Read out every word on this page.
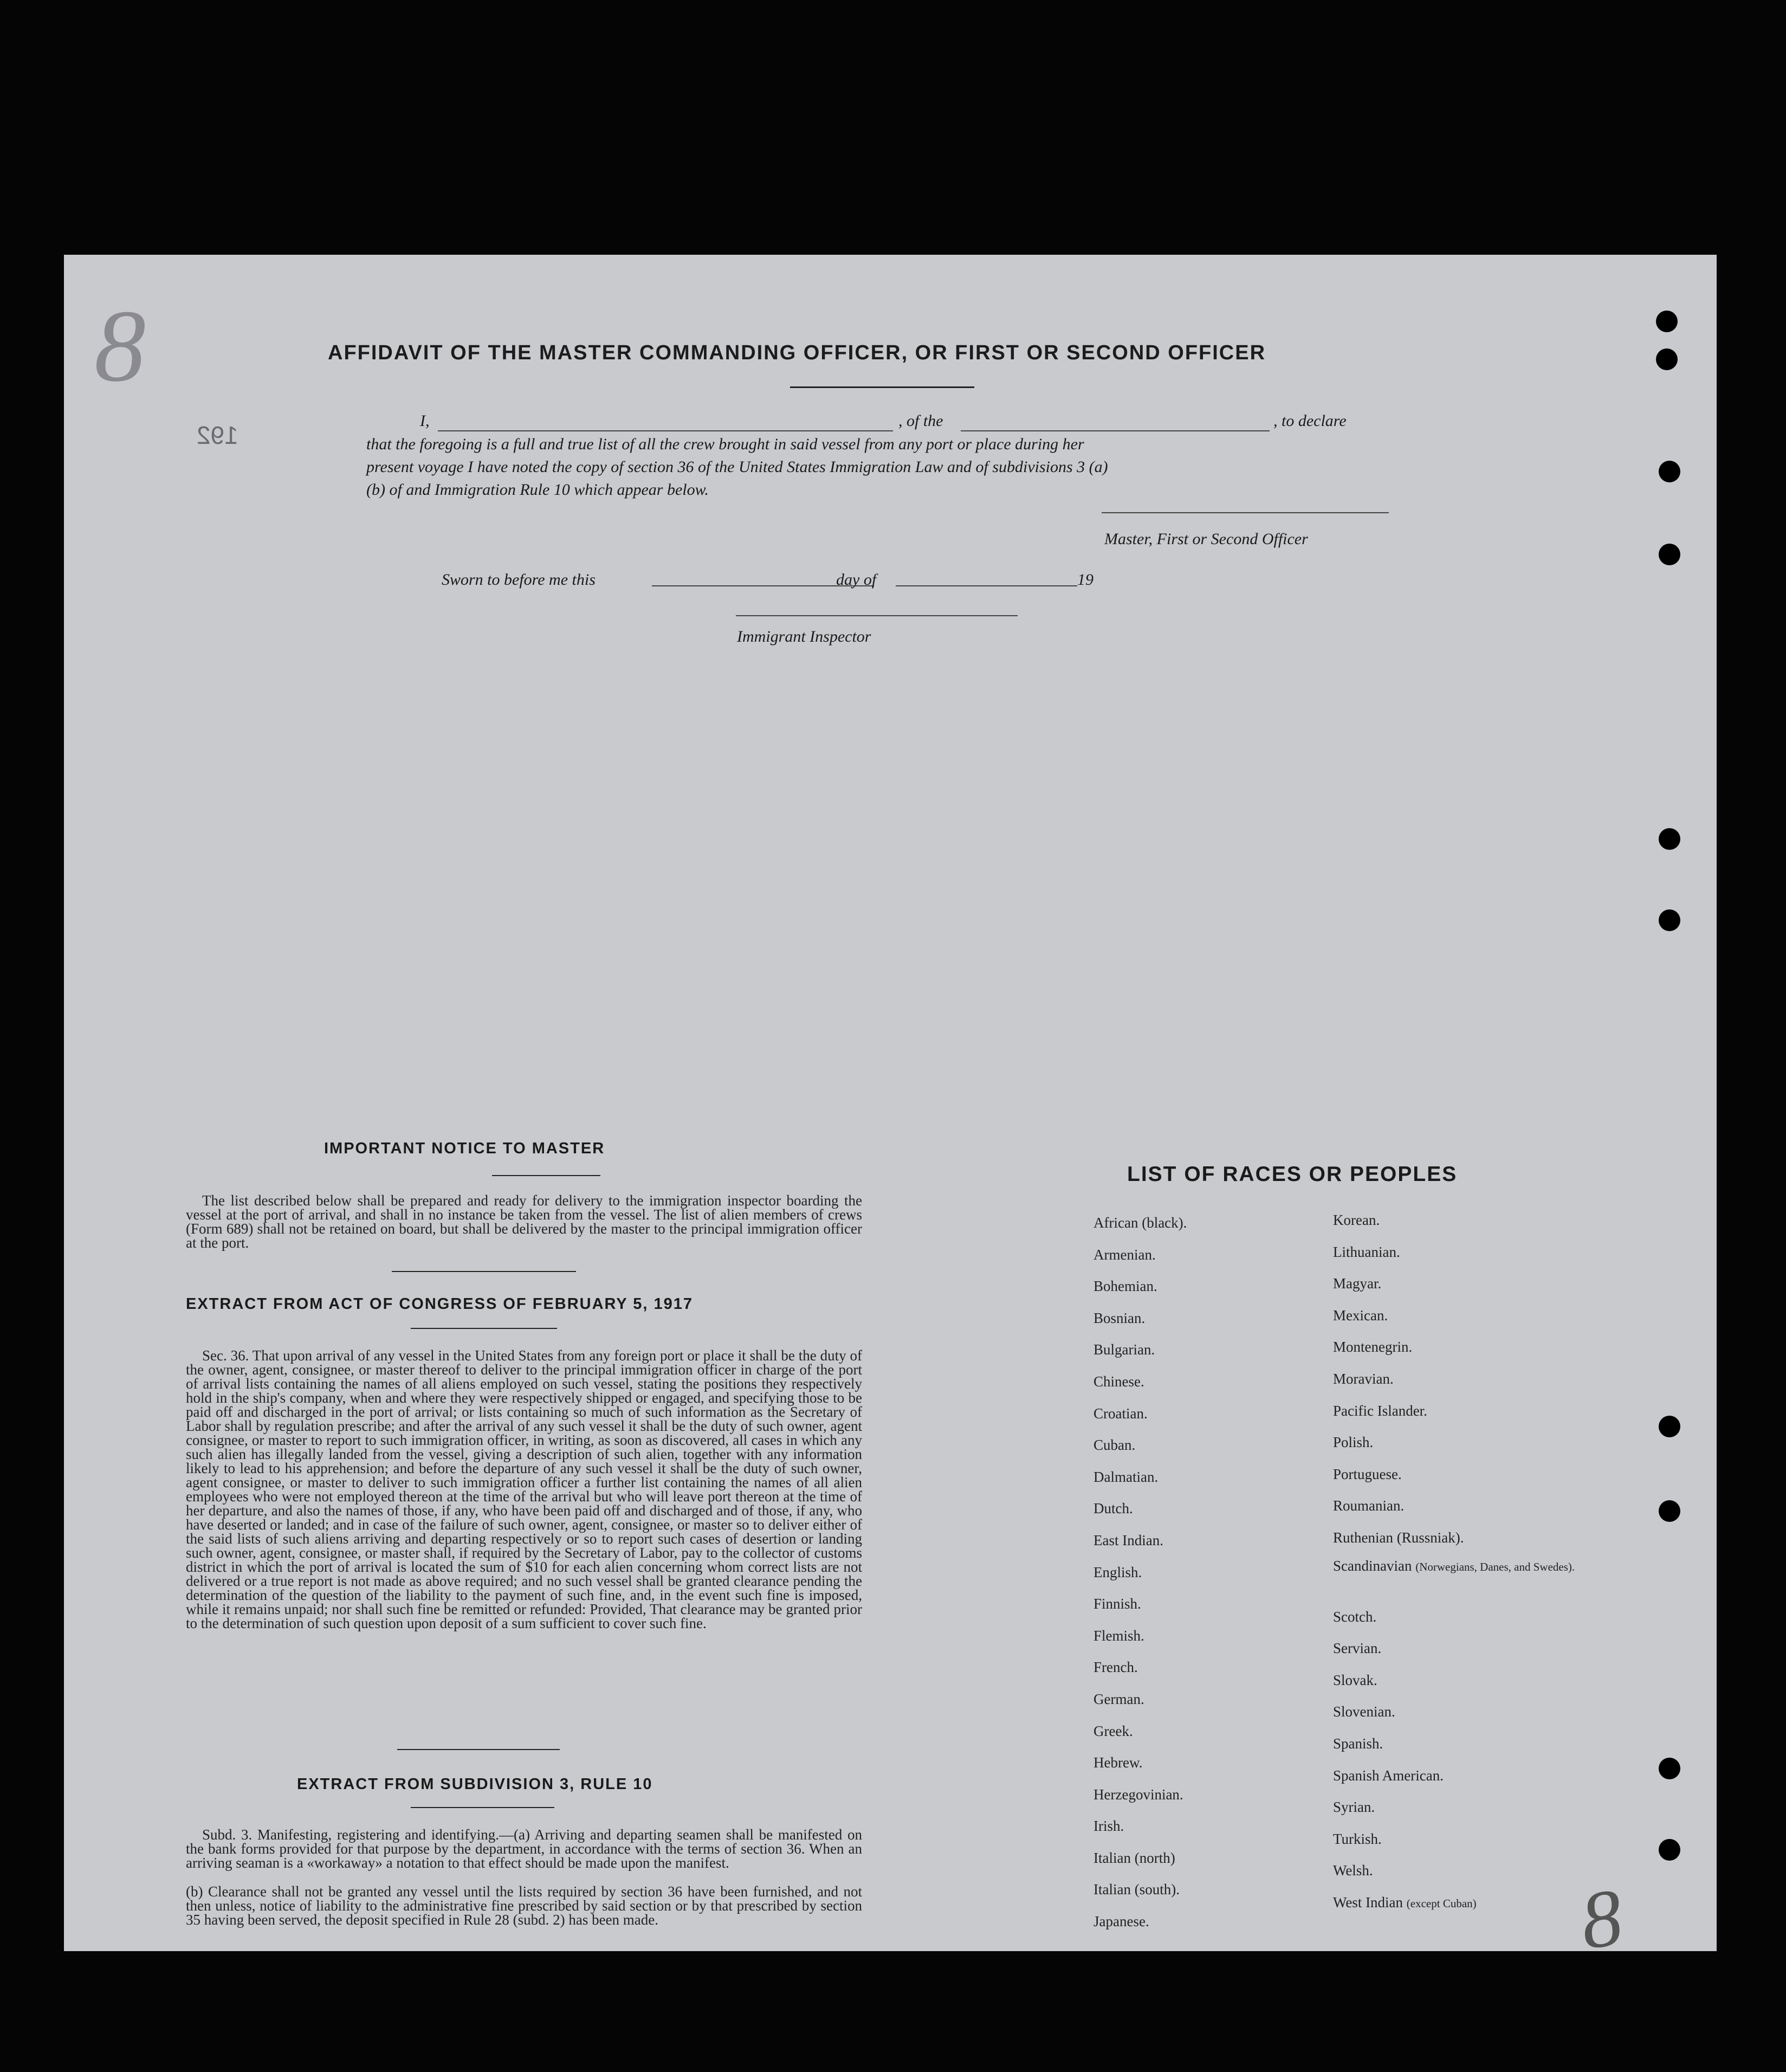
192
8	AFFIDAVIT OF THE MASTER COMMANDING OFFICER, OR FIRST OR SECOND OFFICER
I,	, of the	, to declare
that the foregoing is a full and true list of all the crew brought in said vessel from any port or place during her
present voyage I have noted the copy of section 36 of the United States Immigration Law and of subdivisions 3 (a)
(b) of and Immigration Rule 10 which appear below.
Master, First or Second Officer
Sworn to before me this	day of	19
Immigrant Inspector
IMPORTANT NOTICE TO MASTER
The list described below shall be prepared and ready for delivery to the immigration inspector boarding the vessel at the port of arrival, and shall in no instance be taken from the vessel. The list of alien members of crews (Form 689) shall not be retained on board, but shall be delivered by the master to the principal immigration officer at the port.
EXTRACT FROM ACT OF CONGRESS OF FEBRUARY 5, 1917
Sec. 36. That upon arrival of any vessel in the United States from any foreign port or place it shall be the duty of the owner, agent, consignee, or master thereof to deliver to the principal immigration officer in charge of the port of arrival lists containing the names of all aliens employed on such vessel, stating the positions they respectively hold in the ship's company, when and where they were respectively shipped or engaged, and specifying those to be paid off and discharged in the port of arrival; or lists containing so much of such information as the Secretary of Labor shall by regulation prescribe; and after the arrival of any such vessel it shall be the duty of such owner, agent consignee, or master to report to such immigration officer, in writing, as soon as discovered, all cases in which any such alien has illegally landed from the vessel, giving a description of such alien, together with any information likely to lead to his apprehension; and before the departure of any such vessel it shall be the duty of such owner, agent consignee, or master to deliver to such immigration officer a further list containing the names of all alien employees who were not employed thereon at the time of the arrival but who will leave port thereon at the time of her departure, and also the names of those, if any, who have been paid off and discharged and of those, if any, who have deserted or landed; and in case of the failure of such owner, agent, consignee, or master so to deliver either of the said lists of such aliens arriving and departing respectively or so to report such cases of desertion or landing such owner, agent, consignee, or master shall, if required by the Secretary of Labor, pay to the collector of customs district in which the port of arrival is located the sum of $10 for each alien concerning whom correct lists are not delivered or a true report is not made as above required; and no such vessel shall be granted clearance pending the determination of the question of the liability to the payment of such fine, and, in the event such fine is imposed, while it remains unpaid; nor shall such fine be remitted or refunded: Provided, That clearance may be granted prior to the determination of such question upon deposit of a sum sufficient to cover such fine.
EXTRACT FROM SUBDIVISION 3, RULE 10
Subd. 3. Manifesting, registering and identifying.—(a) Arriving and departing seamen shall be manifested on the bank forms provided for that purpose by the department, in accordance with the terms of section 36. When an arriving seaman is a «workaway» a notation to that effect should be made upon the manifest.
(b) Clearance shall not be granted any vessel until the lists required by section 36 have been furnished, and not then unless, notice of liability to the administrative fine prescribed by said section or by that prescribed by section 35 having been served, the deposit specified in Rule 28 (subd. 2) has been made.
LIST OF RACES OR PEOPLES
African (black).
Armenian.
Bohemian.
Bosnian.
Bulgarian.
Chinese.
Croatian.
Cuban.
Dalmatian.
Dutch.
East Indian.
English.
Finnish.
Flemish.
French.
German.
Greek.
Hebrew.
Herzegovinian.
Irish.
Italian (north)
Italian (south).
Japanese.
Korean.
Lithuanian.
Magyar.
Mexican.
Montenegrin.
Moravian.
Pacific Islander.
Polish.
Portuguese.
Roumanian.
Ruthenian (Russniak).
Scandinavian (Norwegians, Danes, and Swedes).
Scotch.
Servian.
Slovak.
Slovenian.
Spanish.
Spanish American.
Syrian.
Turkish.
Welsh.
West Indian (except Cuban)	8
